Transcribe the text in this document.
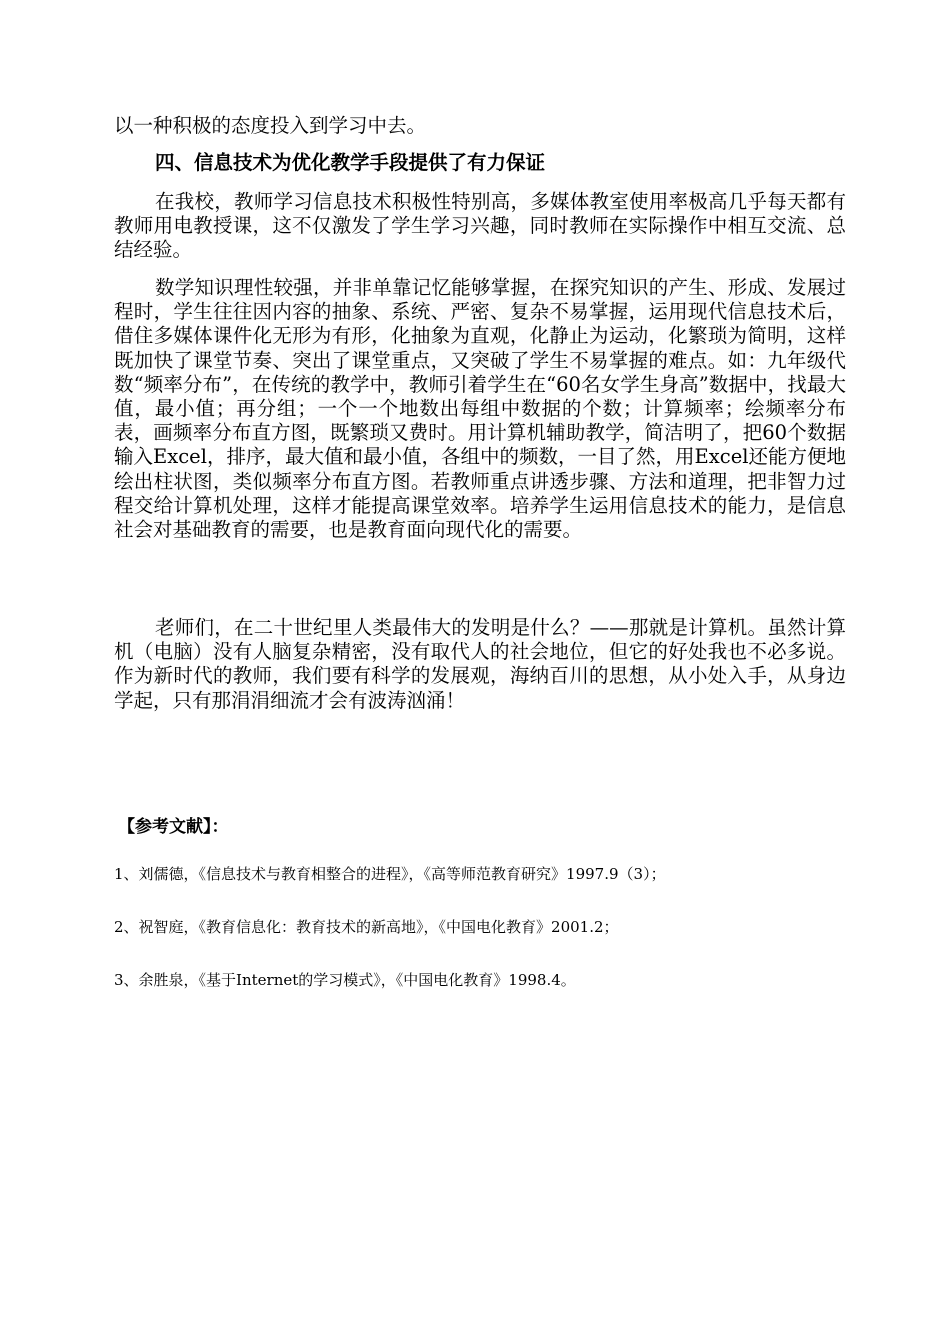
以一种积极的态度投入到学习中去。

四、信息技术为优化教学手段提供了有力保证

在我校，教师学习信息技术积极性特别高，多媒体教室使用率极高几乎每天都有教师用电教授课，这不仅激发了学生学习兴趣，同时教师在实际操作中相互交流、总结经验。

数学知识理性较强，并非单靠记忆能够掌握，在探究知识的产生、形成、发展过程时，学生往往因内容的抽象、系统、严密、复杂不易掌握，运用现代信息技术后，借住多媒体课件化无形为有形，化抽象为直观，化静止为运动，化繁琐为简明，这样既加快了课堂节奏、突出了课堂重点，又突破了学生不易掌握的难点。如：九年级代数“频率分布”，在传统的教学中，教师引着学生在“60名女学生身高”数据中，找最大值，最小值；再分组；一个一个地数出每组中数据的个数；计算频率；绘频率分布表，画频率分布直方图，既繁琐又费时。用计算机辅助教学，简洁明了，把60个数据输入Excel，排序，最大值和最小值，各组中的频数，一目了然，用Excel还能方便地绘出柱状图，类似频率分布直方图。若教师重点讲透步骤、方法和道理，把非智力过程交给计算机处理，这样才能提高课堂效率。培养学生运用信息技术的能力，是信息社会对基础教育的需要，也是教育面向现代化的需要。

老师们，在二十世纪里人类最伟大的发明是什么？——那就是计算机。虽然计算机（电脑）没有人脑复杂精密，没有取代人的社会地位，但它的好处我也不必多说。作为新时代的教师，我们要有科学的发展观，海纳百川的思想，从小处入手，从身边学起，只有那涓涓细流才会有波涛汹涌！

【参考文献】：

1、刘儒德，《信息技术与教育相整合的进程》，《高等师范教育研究》1997.9（3）；

2、祝智庭，《教育信息化：教育技术的新高地》，《中国电化教育》2001.2；

3、余胜泉，《基于Internet的学习模式》，《中国电化教育》1998.4。
